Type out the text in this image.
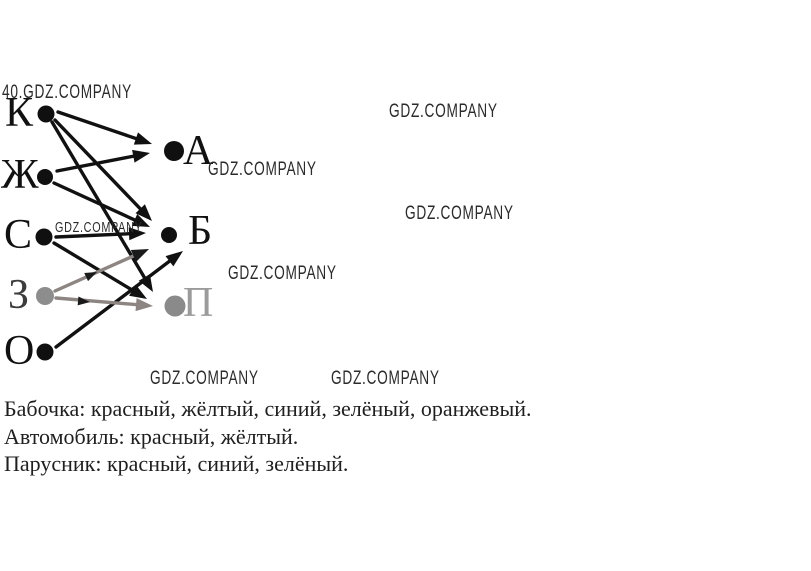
К
Ж
С
З
О
А
Б
П
40.GDZ.COMPANY
GDZ.COMPANY
GDZ.COMPANY
GDZ.COMPANY
GDZ.COMPANY
GDZ.COMPANY
GDZ.COMPANY	GDZ.COMPANY
Бабочка: красный, жёлтый, синий, зелёный, оранжевый.
Автомобиль: красный, жёлтый.
Парусник: красный, синий, зелёный.
